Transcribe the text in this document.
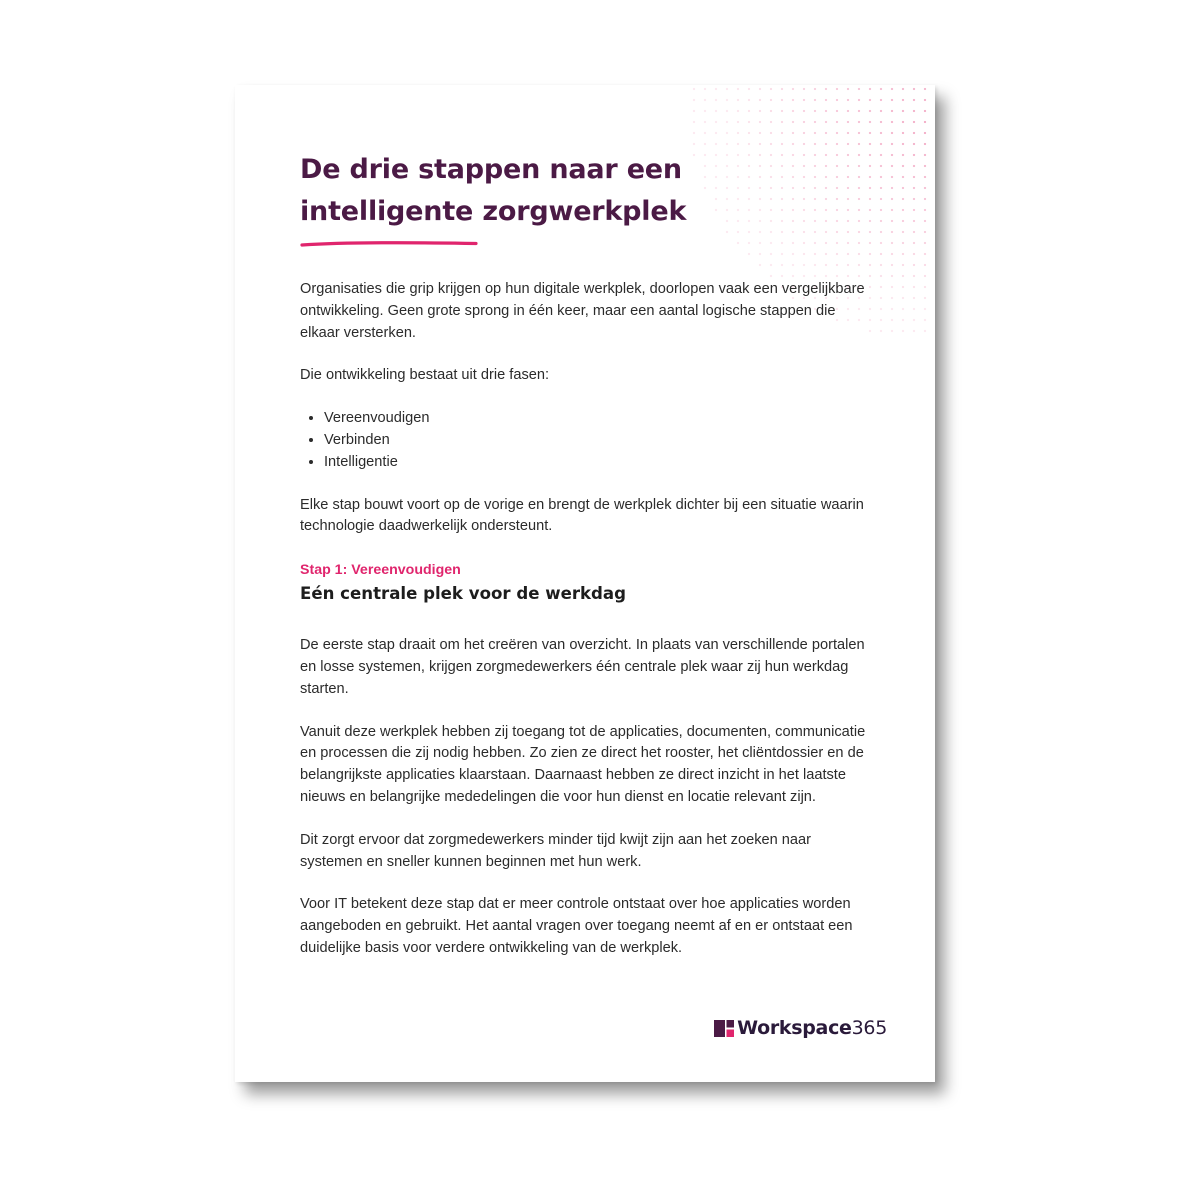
De drie stappen naar een
intelligente zorgwerkplek

Organisaties die grip krijgen op hun digitale werkplek, doorlopen vaak een vergelijkbare ontwikkeling. Geen grote sprong in één keer, maar een aantal logische stappen die elkaar versterken.

Die ontwikkeling bestaat uit drie fasen:

• Vereenvoudigen
• Verbinden
• Intelligentie

Elke stap bouwt voort op de vorige en brengt de werkplek dichter bij een situatie waarin technologie daadwerkelijk ondersteunt.

Stap 1: Vereenvoudigen
Eén centrale plek voor de werkdag

De eerste stap draait om het creëren van overzicht. In plaats van verschillende portalen en losse systemen, krijgen zorgmedewerkers één centrale plek waar zij hun werkdag starten.

Vanuit deze werkplek hebben zij toegang tot de applicaties, documenten, communicatie en processen die zij nodig hebben. Zo zien ze direct het rooster, het cliëntdossier en de belangrijkste applicaties klaarstaan. Daarnaast hebben ze direct inzicht in het laatste nieuws en belangrijke mededelingen die voor hun dienst en locatie relevant zijn.

Dit zorgt ervoor dat zorgmedewerkers minder tijd kwijt zijn aan het zoeken naar systemen en sneller kunnen beginnen met hun werk.

Voor IT betekent deze stap dat er meer controle ontstaat over hoe applicaties worden aangeboden en gebruikt. Het aantal vragen over toegang neemt af en er ontstaat een duidelijke basis voor verdere ontwikkeling van de werkplek.

Workspace 365
